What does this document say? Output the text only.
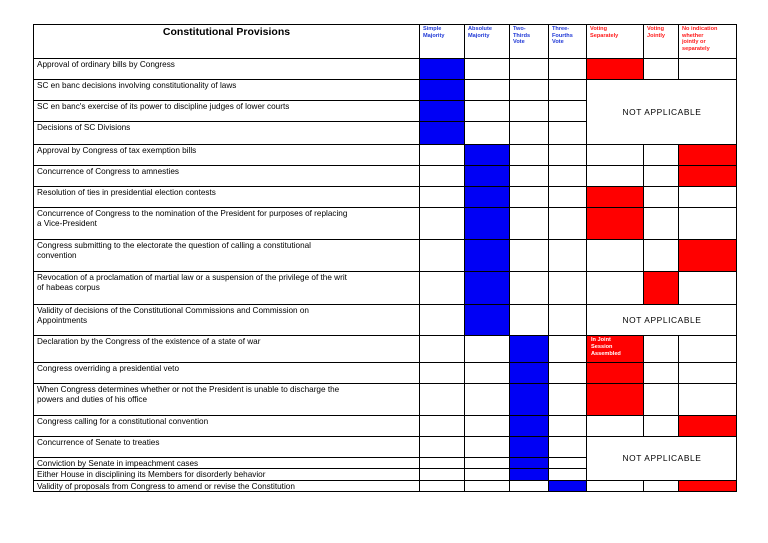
Constitutional Provisions	Simple
Majority
Absolute
Majority
Two-
Thirds
Vote
Three-
Fourths
Vote
Voting
Separately
Voting
Jointly
No indication
whether
jointly or
separately
Approval of ordinary bills by Congress
SC en banc decisions involving constitutionality of laws
SC en banc's exercise of its power to discipline judges of lower courts
Decisions of SC Divisions
Approval by Congress of tax exemption bills
Concurrence of Congress to amnesties
Resolution of ties in presidential election contests
Concurrence of Congress to the nomination of the President for purposes of replacing
a Vice-President
Congress submitting to the electorate the question of calling a constitutional
convention
Revocation of a proclamation of martial law or a suspension of the privilege of the writ
of habeas corpus
Validity of decisions of the Constitutional Commissions and Commission on
Appointments
Declaration by the Congress of the existence of a state of war
Congress overriding a presidential veto
When Congress determines whether or not the President is unable to discharge the
powers and duties of his office
Congress calling for a constitutional convention
Concurrence of Senate to treaties
Conviction by Senate in impeachment cases
Either House in disciplining its Members for disorderly behavior
Validity of proposals from Congress to amend or revise the Constitution
NOT APPLICABLE
NOT APPLICABLE
NOT APPLICABLE
In Joint
Session
Assembled
